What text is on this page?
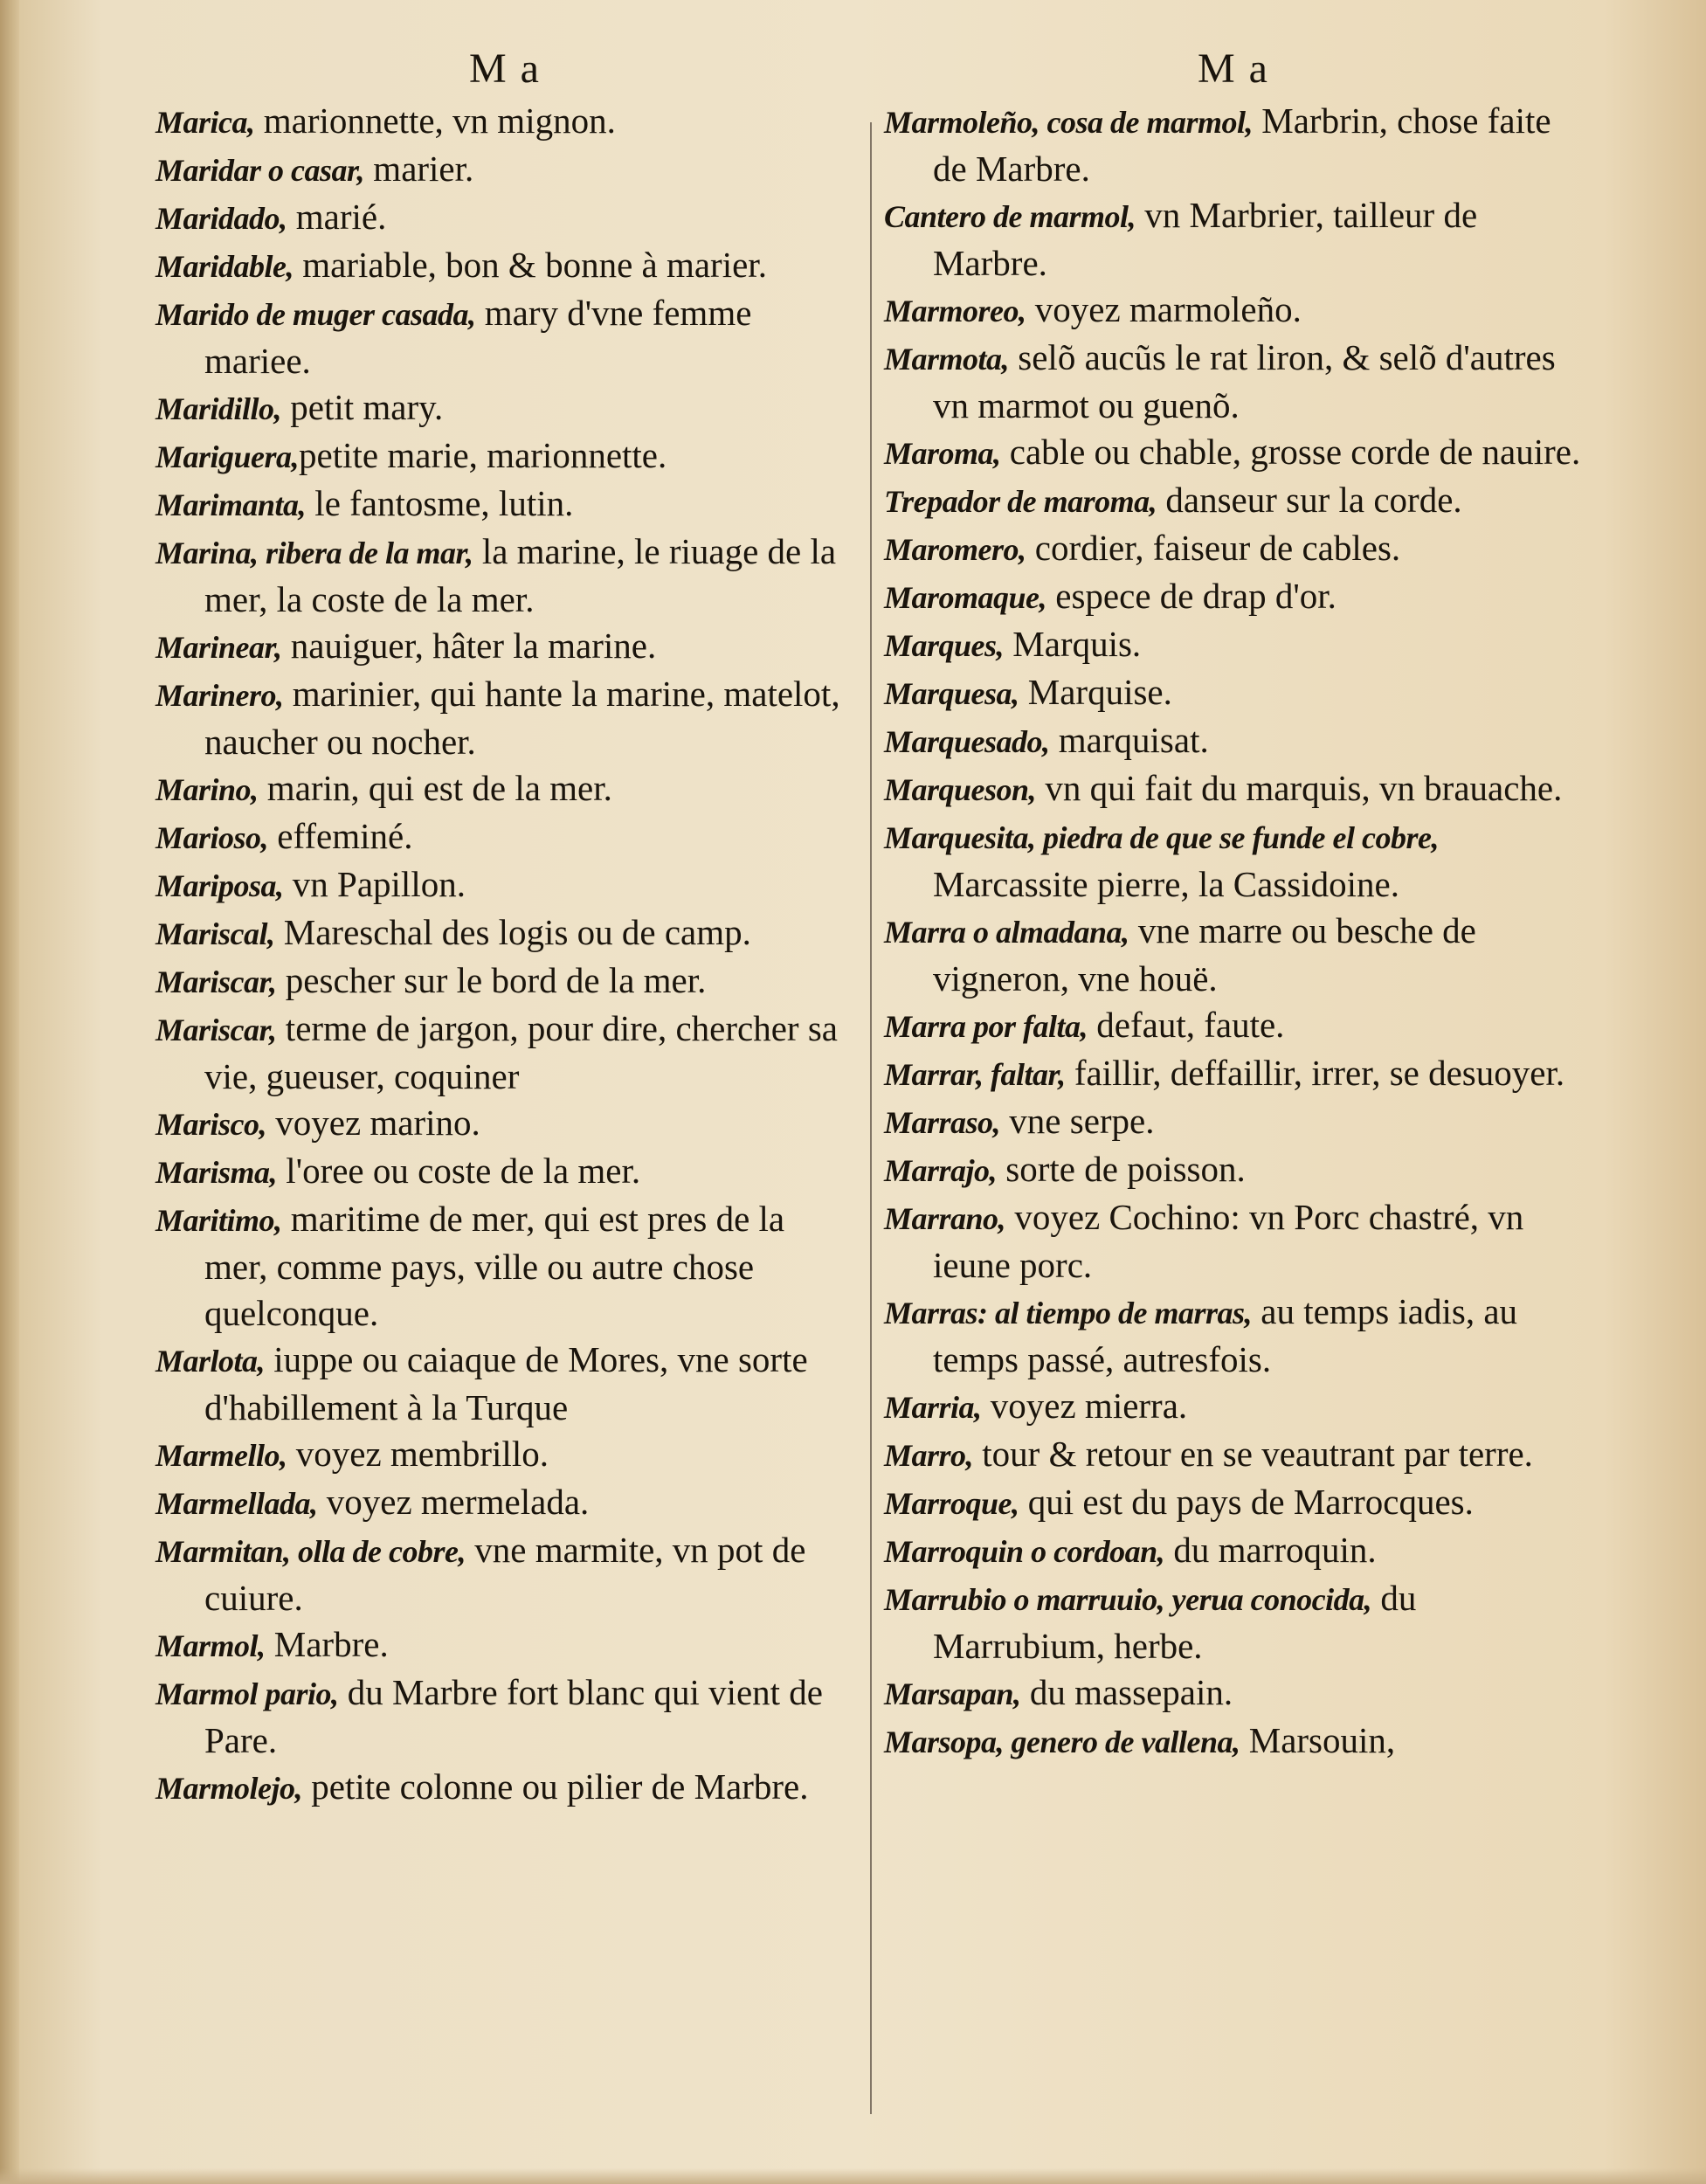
M a

Marica, marionnette, vn mignon.

Maridar o casar, marier.

Maridado, marié.

Maridable, mariable, bon & bonne à marier.

Marido de muger casada, mary d'vne femme mariee.

Maridillo, petit mary.

Mariguera,petite marie, marionnette.

Marimanta, le fantosme, lutin.

Marina, ribera de la mar, la marine, le riuage de la mer, la coste de la mer.

Marinear, nauiguer, hâter la marine.

Marinero, marinier, qui hante la marine, matelot, naucher ou nocher.

Marino, marin, qui est de la mer.

Marioso, effeminé.

Mariposa, vn Papillon.

Mariscal, Mareschal des logis ou de camp.

Mariscar, pescher sur le bord de la mer.

Mariscar, terme de jargon, pour dire, chercher sa vie, gueuser, coquiner

Marisco, voyez marino.

Marisma, l'oree ou coste de la mer.

Maritimo, maritime de mer, qui est pres de la mer, comme pays, ville ou autre chose quelconque.

Marlota, iuppe ou caiaque de Mores, vne sorte d'habillement à la Turque

Marmello, voyez membrillo.

Marmellada, voyez mermelada.

Marmitan, olla de cobre, vne marmite, vn pot de cuiure.

Marmol, Marbre.

Marmol pario, du Marbre fort blanc qui vient de Pare.

Marmolejo, petite colonne ou pilier de Marbre.

M a

Marmoleño, cosa de marmol, Marbrin, chose faite de Marbre.

Cantero de marmol, vn Marbrier, tailleur de Marbre.

Marmoreo, voyez marmoleño.

Marmota, selõ aucũs le rat liron, & selõ d'autres vn marmot ou guenõ.

Maroma, cable ou chable, grosse corde de nauire.

Trepador de maroma, danseur sur la corde.

Maromero, cordier, faiseur de cables.

Maromaque, espece de drap d'or.

Marques, Marquis.

Marquesa, Marquise.

Marquesado, marquisat.

Marqueson, vn qui fait du marquis, vn brauache.

Marquesita, piedra de que se funde el cobre, Marcassite pierre, la Cassidoine.

Marra o almadana, vne marre ou besche de vigneron, vne houë.

Marra por falta, defaut, faute.

Marrar, faltar, faillir, deffaillir, irrer, se desuoyer.

Marraso, vne serpe.

Marrajo, sorte de poisson.

Marrano, voyez Cochino: vn Porc chastré, vn ieune porc.

Marras: al tiempo de marras, au temps iadis, au temps passé, autresfois.

Marria, voyez mierra.

Marro, tour & retour en se veautrant par terre.

Marroque, qui est du pays de Marrocques.

Marroquin o cordoan, du marroquin.

Marrubio o marruuio, yerua conocida, du Marrubium, herbe.

Marsapan, du massepain.

Marsopa, genero de vallena, Marsouin,
